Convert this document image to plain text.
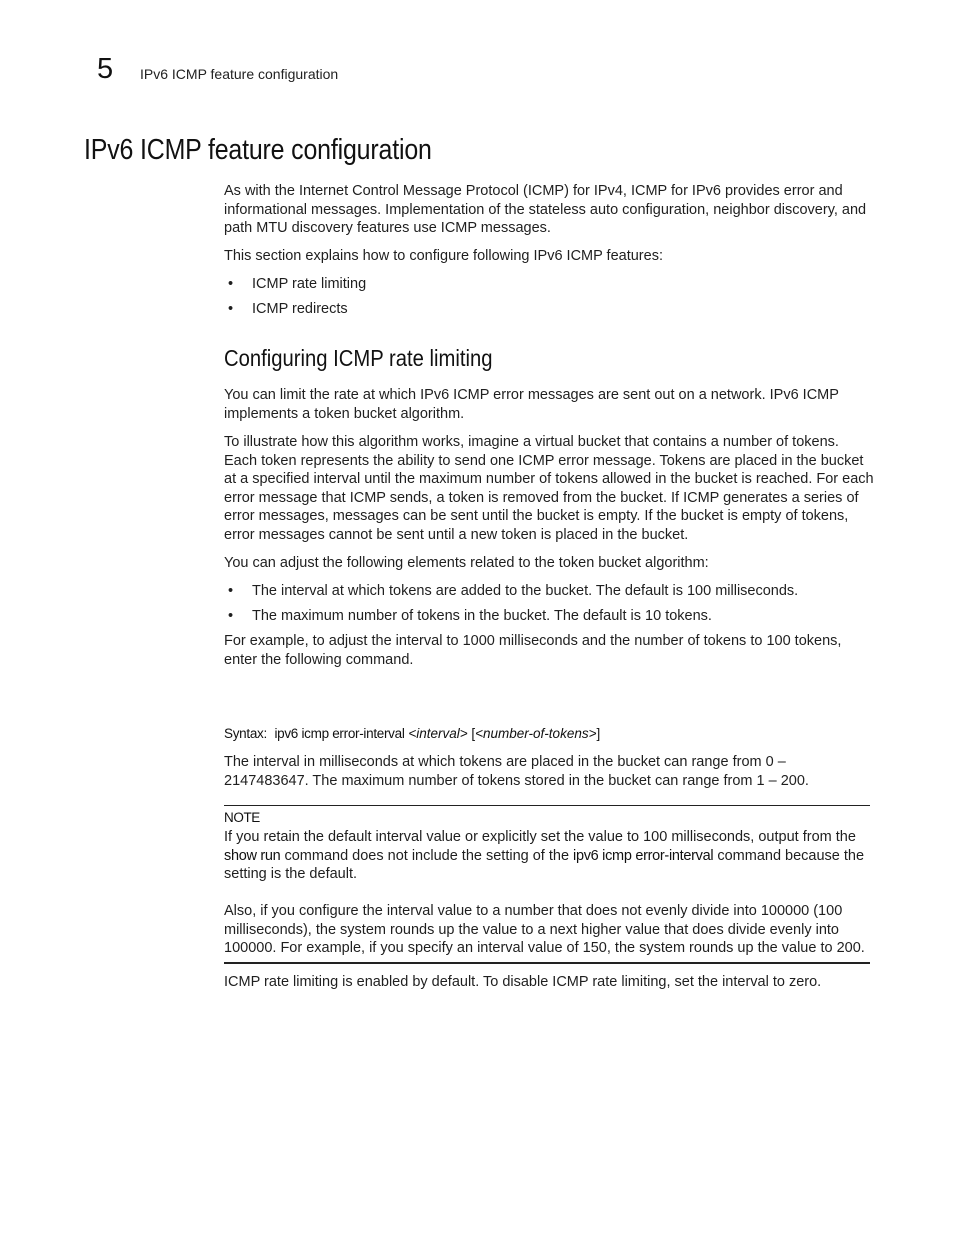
5 IPv6 ICMP feature configuration
IPv6 ICMP feature configuration

As with the Internet Control Message Protocol (ICMP) for IPv4, ICMP for IPv6 provides error and informational messages. Implementation of the stateless auto configuration, neighbor discovery, and path MTU discovery features use ICMP messages.

This section explains how to configure following IPv6 ICMP features:

•	ICMP rate limiting
•	ICMP redirects
Configuring ICMP rate limiting

You can limit the rate at which IPv6 ICMP error messages are sent out on a network. IPv6 ICMP implements a token bucket algorithm.

To illustrate how this algorithm works, imagine a virtual bucket that contains a number of tokens. Each token represents the ability to send one ICMP error message. Tokens are placed in the bucket at a specified interval until the maximum number of tokens allowed in the bucket is reached. For each error message that ICMP sends, a token is removed from the bucket. If ICMP generates a series of error messages, messages can be sent until the bucket is empty. If the bucket is empty of tokens, error messages cannot be sent until a new token is placed in the bucket.

You can adjust the following elements related to the token bucket algorithm:

•	The interval at which tokens are added to the bucket. The default is 100 milliseconds.
•	The maximum number of tokens in the bucket. The default is 10 tokens.

For example, to adjust the interval to 1000 milliseconds and the number of tokens to 100 tokens, enter the following command.

Syntax: ipv6 icmp error-interval <interval> [<number-of-tokens>]

The interval in milliseconds at which tokens are placed in the bucket can range from 0 – 2147483647. The maximum number of tokens stored in the bucket can range from 1 – 200.

NOTE

If you retain the default interval value or explicitly set the value to 100 milliseconds, output from the show run command does not include the setting of the ipv6 icmp error-interval command because the setting is the default.

Also, if you configure the interval value to a number that does not evenly divide into 100000 (100 milliseconds), the system rounds up the value to a next higher value that does divide evenly into 100000. For example, if you specify an interval value of 150, the system rounds up the value to 200.

ICMP rate limiting is enabled by default. To disable ICMP rate limiting, set the interval to zero.
